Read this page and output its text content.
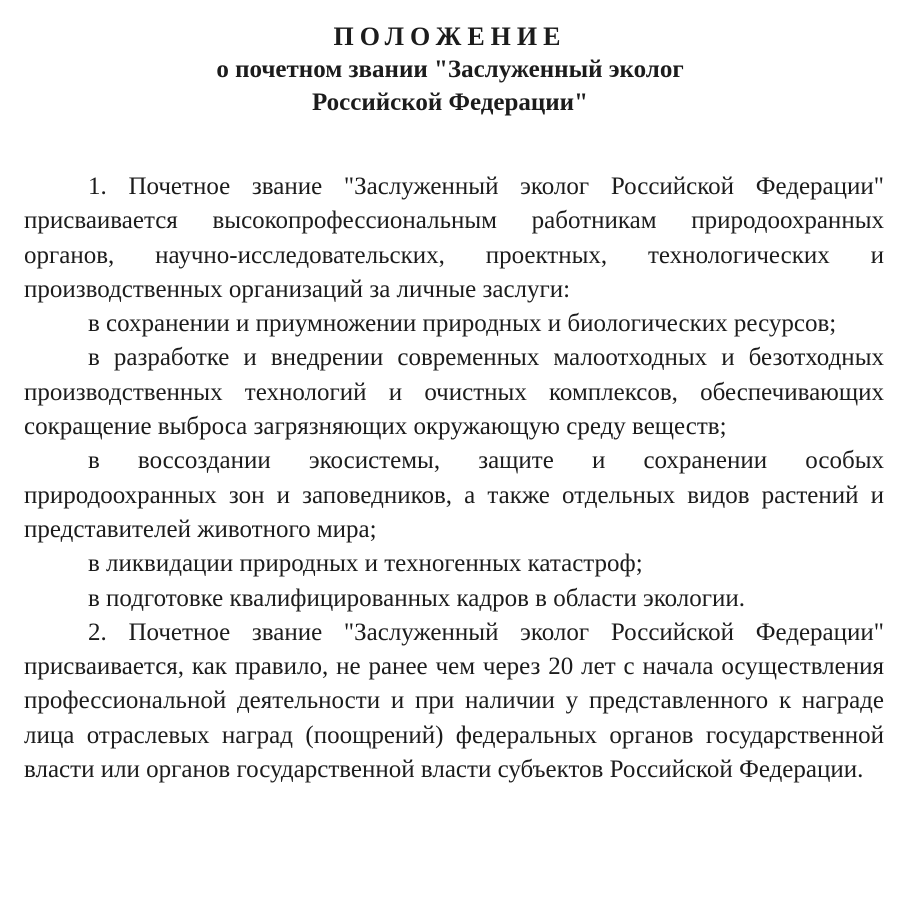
ПОЛОЖЕНИЕ
о почетном звании "Заслуженный эколог
Российской Федерации"

1. Почетное звание "Заслуженный эколог Российской Федерации" присваивается высокопрофессиональным работникам природоохранных органов, научно-исследовательских, проектных, технологических и производственных организаций за личные заслуги:

в сохранении и приумножении природных и биологических ресурсов;

в разработке и внедрении современных малоотходных и безотходных производственных технологий и очистных комплексов, обеспечивающих сокращение выброса загрязняющих окружающую среду веществ;

в воссоздании экосистемы, защите и сохранении особых природоохранных зон и заповедников, а также отдельных видов растений и представителей животного мира;

в ликвидации природных и техногенных катастроф;

в подготовке квалифицированных кадров в области экологии.

2. Почетное звание "Заслуженный эколог Российской Федерации" присваивается, как правило, не ранее чем через 20 лет с начала осуществления профессиональной деятельности и при наличии у представленного к награде лица отраслевых наград (поощрений) федеральных органов государственной власти или органов государственной власти субъектов Российской Федерации.
